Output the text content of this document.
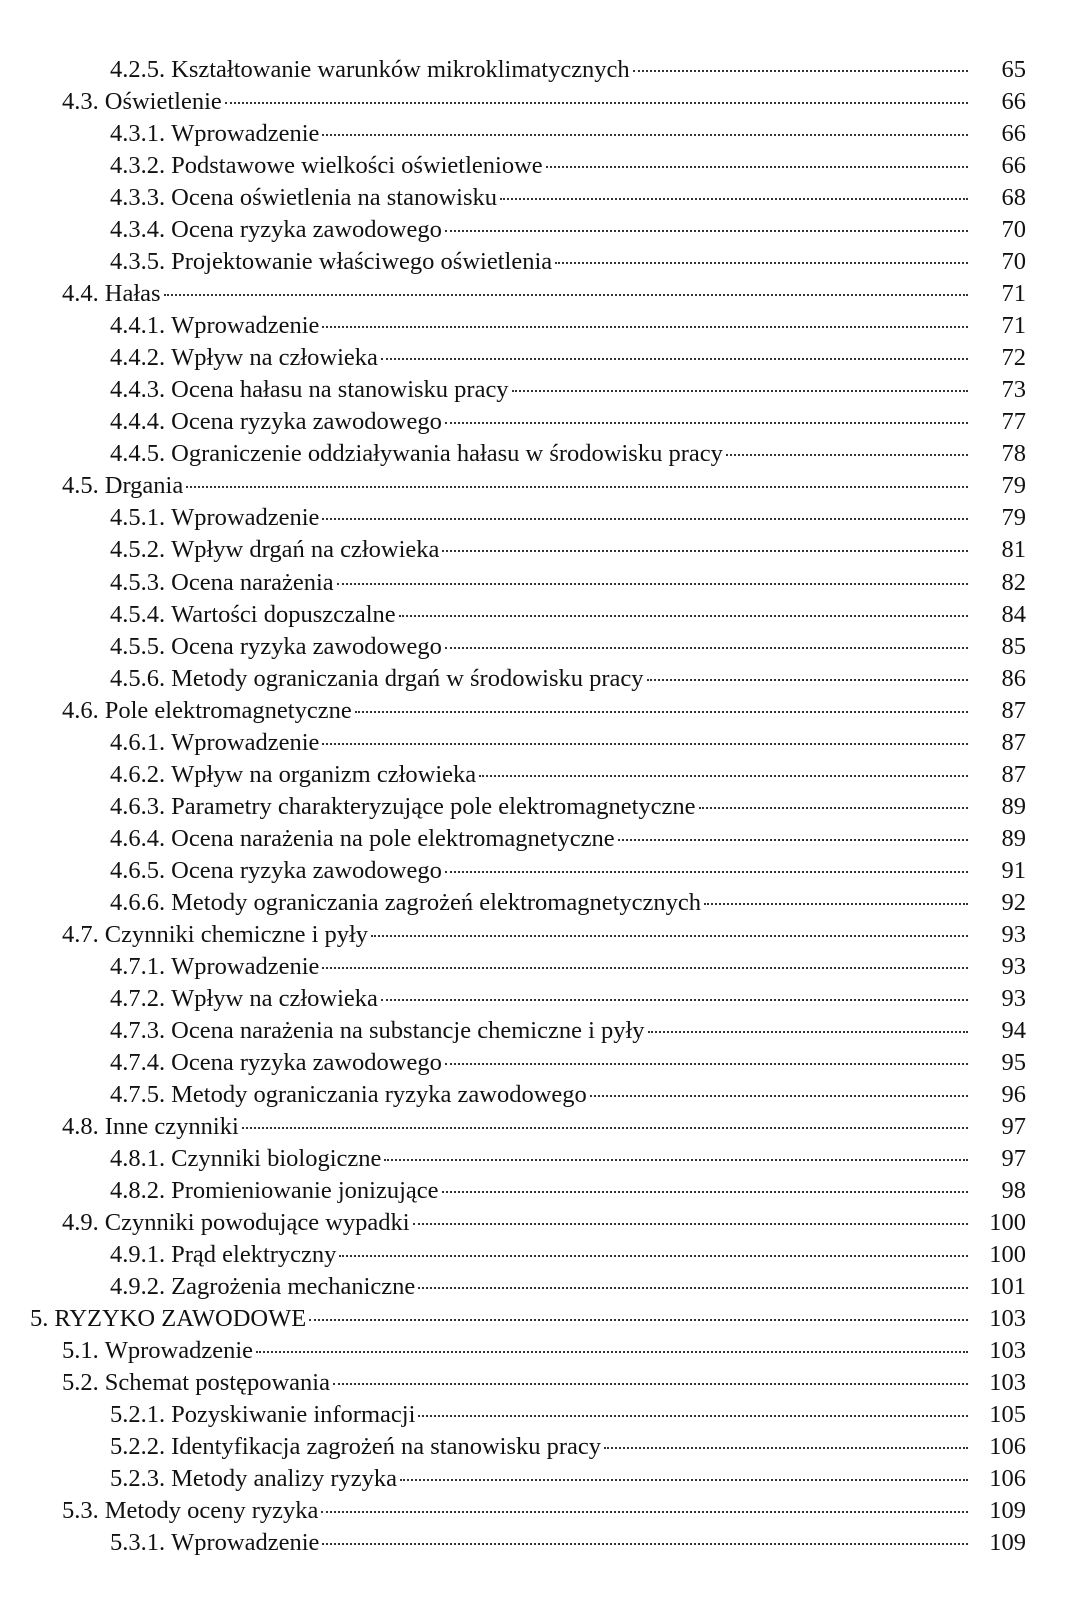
4.2.5. Kształtowanie warunków mikroklimatycznych	65
4.3. Oświetlenie	66
4.3.1. Wprowadzenie	66
4.3.2. Podstawowe wielkości oświetleniowe	66
4.3.3. Ocena oświetlenia na stanowisku	68
4.3.4. Ocena ryzyka zawodowego	70
4.3.5. Projektowanie właściwego oświetlenia	70
4.4. Hałas	71
4.4.1. Wprowadzenie	71
4.4.2. Wpływ na człowieka	72
4.4.3. Ocena hałasu na stanowisku pracy	73
4.4.4. Ocena ryzyka zawodowego	77
4.4.5. Ograniczenie oddziaływania hałasu w środowisku pracy	78
4.5. Drgania	79
4.5.1. Wprowadzenie	79
4.5.2. Wpływ drgań na człowieka	81
4.5.3. Ocena narażenia	82
4.5.4. Wartości dopuszczalne	84
4.5.5. Ocena ryzyka zawodowego	85
4.5.6. Metody ograniczania drgań w środowisku pracy	86
4.6. Pole elektromagnetyczne	87
4.6.1. Wprowadzenie	87
4.6.2. Wpływ na organizm człowieka	87
4.6.3. Parametry charakteryzujące pole elektromagnetyczne	89
4.6.4. Ocena narażenia na pole elektromagnetyczne	89
4.6.5. Ocena ryzyka zawodowego	91
4.6.6. Metody ograniczania zagrożeń elektromagnetycznych	92
4.7. Czynniki chemiczne i pyły	93
4.7.1. Wprowadzenie	93
4.7.2. Wpływ na człowieka	93
4.7.3. Ocena narażenia na substancje chemiczne i pyły	94
4.7.4. Ocena ryzyka zawodowego	95
4.7.5. Metody ograniczania ryzyka zawodowego	96
4.8. Inne czynniki	97
4.8.1. Czynniki biologiczne	97
4.8.2. Promieniowanie jonizujące	98
4.9. Czynniki powodujące wypadki	100
4.9.1. Prąd elektryczny	100
4.9.2. Zagrożenia mechaniczne	101
5. RYZYKO ZAWODOWE	103
5.1. Wprowadzenie	103
5.2. Schemat postępowania	103
5.2.1. Pozyskiwanie informacji	105
5.2.2. Identyfikacja zagrożeń na stanowisku pracy	106
5.2.3. Metody analizy ryzyka	106
5.3. Metody oceny ryzyka	109
5.3.1. Wprowadzenie	109
